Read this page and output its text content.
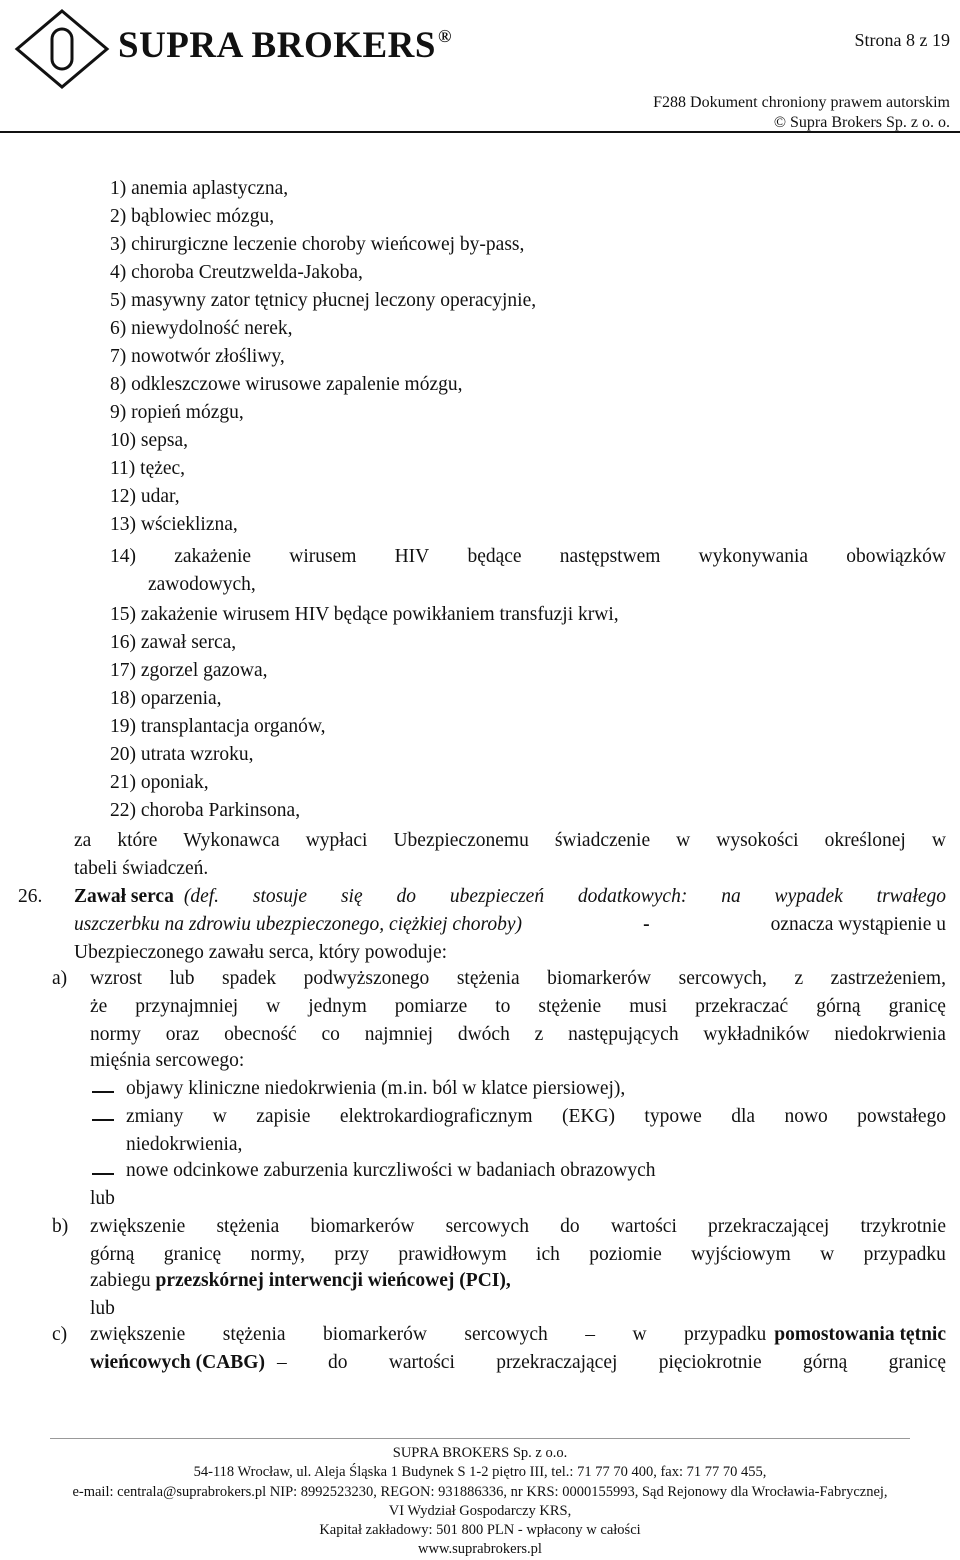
SUPRA BROKERS ®	Strona 8 z 19
F288 Dokument chroniony prawem autorskim
© Supra Brokers Sp. z o. o.
1) anemia aplastyczna,
2) bąblowiec mózgu,
3) chirurgiczne leczenie choroby wieńcowej by-pass,
4) choroba Creutzwelda-Jakoba,
5) masywny zator tętnicy płucnej leczony operacyjnie,
6) niewydolność nerek,
7) nowotwór złośliwy,
8) odkleszczowe wirusowe zapalenie mózgu,
9) ropień mózgu,
10) sepsa,
11) tężec,
12) udar,
13) wścieklizna,
14) zakażenie wirusem HIV będące następstwem wykonywania obowiązków
zawodowych,
15) zakażenie wirusem HIV będące powikłaniem transfuzji krwi,
16) zawał serca,
17) zgorzel gazowa,
18) oparzenia,
19) transplantacja organów,
20) utrata wzroku,
21) oponiak,
22) choroba Parkinsona,
za które Wykonawca wypłaci Ubezpieczonemu świadczenie w wysokości określonej w
tabeli świadczeń.
26. Zawał serca (def. stosuje się do ubezpieczeń dodatkowych: na wypadek trwałego
uszczerbku na zdrowiu ubezpieczonego, ciężkiej choroby)	-	oznacza wystąpienie u
Ubezpieczonego zawału serca, który powoduje:
a) wzrost lub spadek podwyższonego stężenia biomarkerów sercowych, z zastrzeżeniem,
że przynajmniej w jednym pomiarze to stężenie musi przekraczać górną granicę
normy oraz obecność co najmniej dwóch z następujących wykładników niedokrwienia
mięśnia sercowego:
objawy kliniczne niedokrwienia (m.in. ból w klatce piersiowej),
zmiany w zapisie elektrokardiograficznym (EKG) typowe dla nowo powstałego
niedokrwienia,
nowe odcinkowe zaburzenia kurczliwości w badaniach obrazowych
lub
b) zwiększenie stężenia biomarkerów sercowych do wartości przekraczającej trzykrotnie
górną granicę normy, przy prawidłowym ich poziomie wyjściowym w przypadku
zabiegu przezskórnej interwencji wieńcowej (PCI),
lub
c) zwiększenie stężenia biomarkerów sercowych – w przypadku pomostowania tętnic
wieńcowych (CABG) – do wartości przekraczającej pięciokrotnie górną granicę
SUPRA BROKERS Sp. z o.o.
54-118 Wrocław, ul. Aleja Śląska 1 Budynek S 1-2 piętro III, tel.: 71 77 70 400, fax: 71 77 70 455,
e-mail: centrala@suprabrokers.pl NIP: 8992523230, REGON: 931886336, nr KRS: 0000155993, Sąd Rejonowy dla Wrocławia-Fabrycznej,
VI Wydział Gospodarczy KRS,
Kapitał zakładowy: 501 800 PLN - wpłacony w całości
www.suprabrokers.pl
